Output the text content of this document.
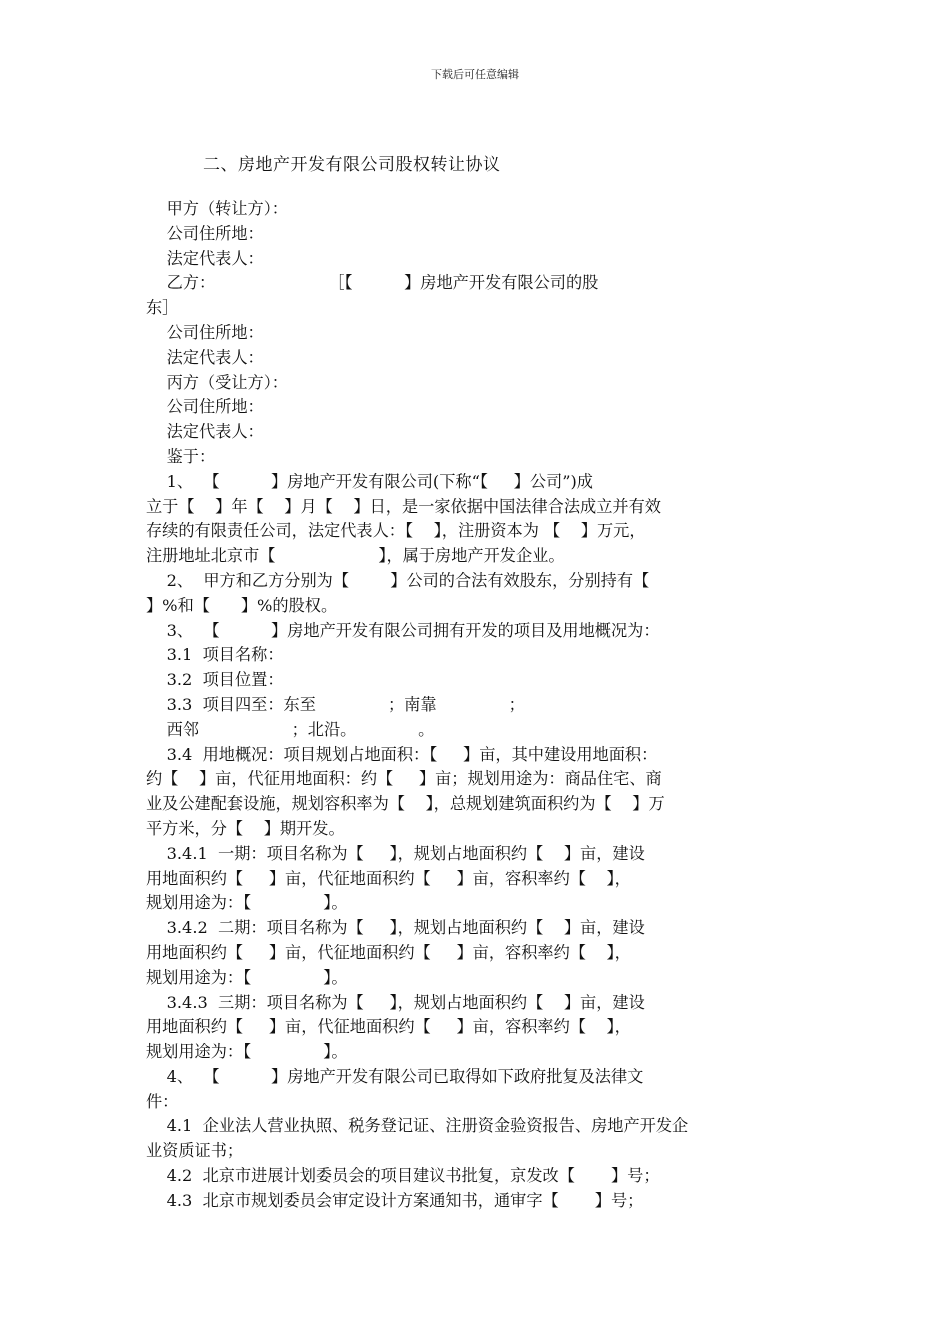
下载后可任意编辑
二、房地产开发有限公司股权转让协议
甲方（转让方）：
公司住所地：
法定代表人：
乙方：                      ［【          】房地产开发有限公司的股
东］
公司住所地：
法定代表人：
丙方（受让方）：
公司住所地：
法定代表人：
鉴于：
1、  【          】房地产开发有限公司(下称“【     】公司”)成
立于【    】年【    】月【    】日，是一家依据中国法律合法成立并有效
存续的有限责任公司，法定代表人：【    】，注册资本为 【    】万元，
注册地址北京市【                    】，属于房地产开发企业。
2、  甲方和乙方分别为【        】公司的合法有效股东，分别持有【
】%和【      】%的股权。
3、  【          】房地产开发有限公司拥有开发的项目及用地概况为：
3.1  项目名称：
3.2  项目位置：
3.3  项目四至：东至              ；南靠              ；
西邻                  ；北沿。            。
3.4  用地概况：项目规划占地面积：【     】亩，其中建设用地面积：
约【    】亩，代征用地面积：约【     】亩；规划用途为：商品住宅、商
业及公建配套设施，规划容积率为【    】，总规划建筑面积约为【    】万
平方米，分【    】期开发。
3.4.1  一期：项目名称为【     】，规划占地面积约【    】亩，建设
用地面积约【     】亩，代征地面积约【     】亩，容积率约【    】，
规划用途为：【              】。
3.4.2  二期：项目名称为【     】，规划占地面积约【    】亩，建设
用地面积约【     】亩，代征地面积约【     】亩，容积率约【    】，
规划用途为：【              】。
3.4.3  三期：项目名称为【     】，规划占地面积约【    】亩，建设
用地面积约【     】亩，代征地面积约【     】亩，容积率约【    】，
规划用途为：【              】。
4、  【          】房地产开发有限公司已取得如下政府批复及法律文
件：
4.1  企业法人营业执照、税务登记证、注册资金验资报告、房地产开发企
业资质证书；
4.2  北京市进展计划委员会的项目建议书批复，京发改【       】号；
4.3  北京市规划委员会审定设计方案通知书，通审字【       】号；
